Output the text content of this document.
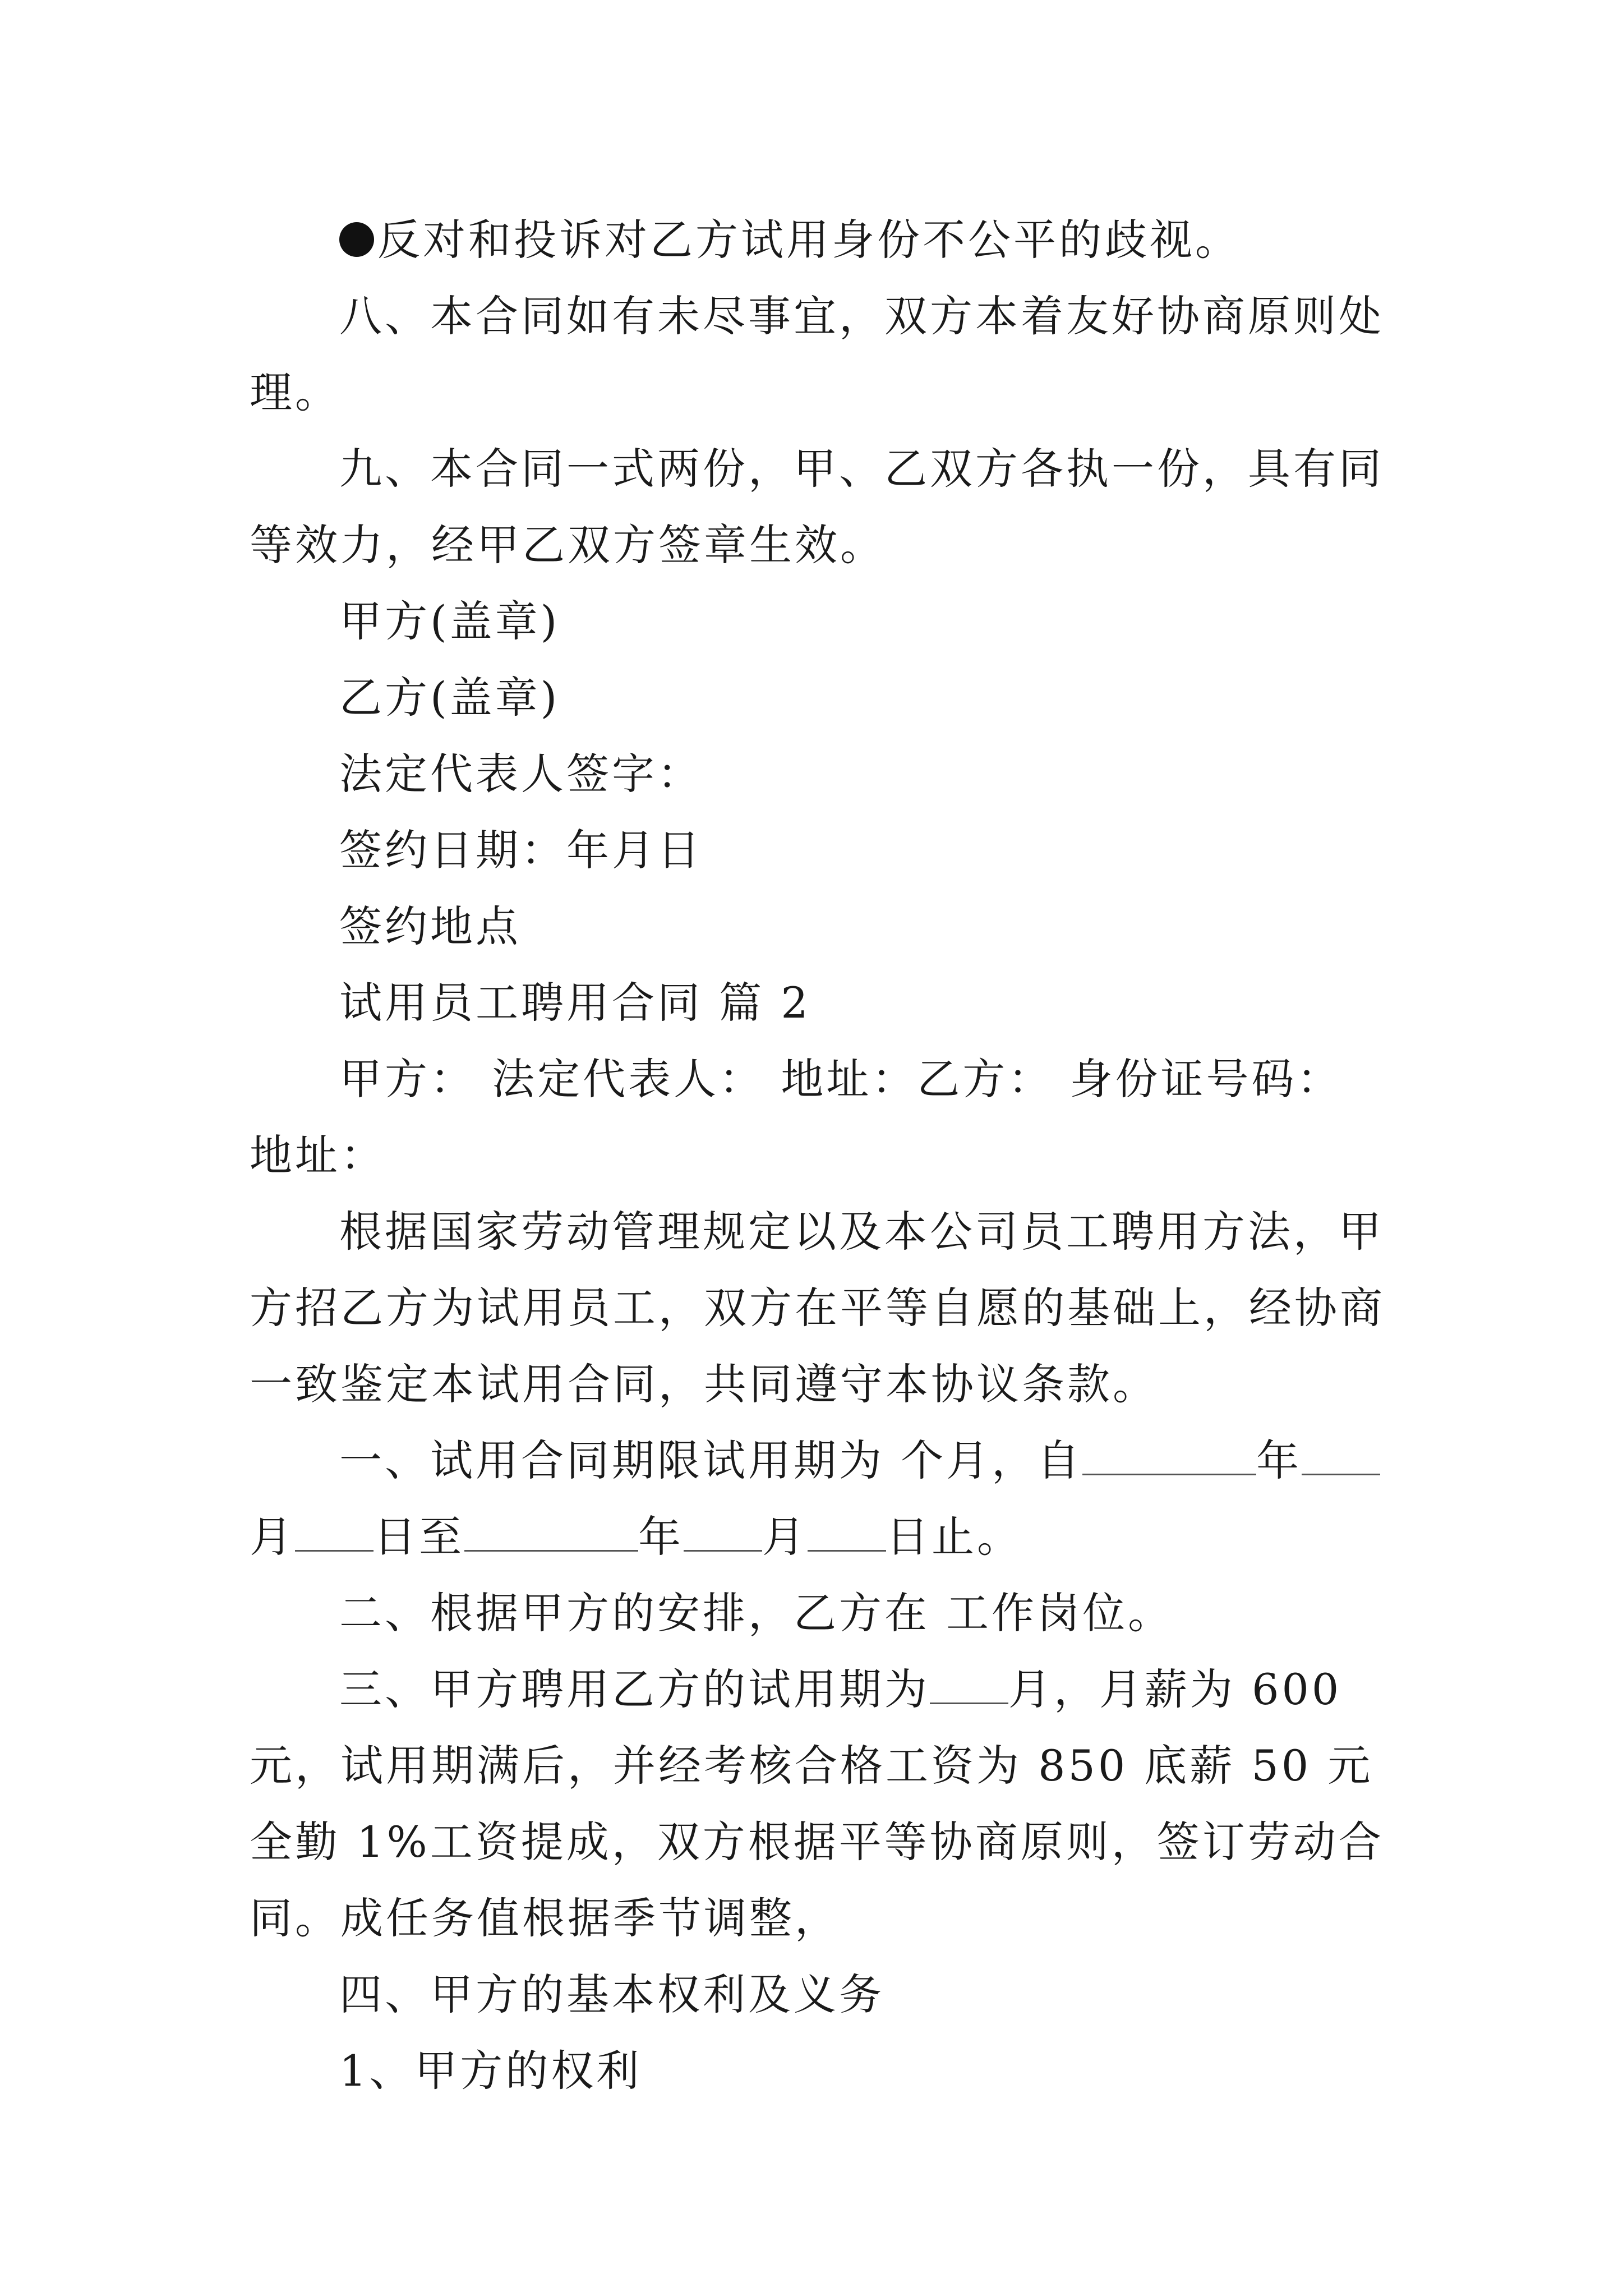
反对和投诉对乙方试用身份不公平的歧视。

八、本合同如有未尽事宜，双方本着友好协商原则处理。

九、本合同一式两份，甲、乙双方各执一份，具有同等效力，经甲乙双方签章生效。

甲方(盖章)

乙方(盖章)

法定代表人签字：

签约日期：年月日

签约地点

试用员工聘用合同 篇 2

甲方： 法定代表人： 地址：乙方： 身份证号码： 地址：

根据国家劳动管理规定以及本公司员工聘用方法，甲方招乙方为试用员工，双方在平等自愿的基础上，经协商一致鉴定本试用合同，共同遵守本协议条款。

一、试用合同期限试用期为 个月，自	年月 日至	年 月 日止。

二、根据甲方的安排，乙方在 工作岗位。

三、甲方聘用乙方的试用期为 月，月薪为 600 元，试用期满后，并经考核合格工资为 850 底薪 50 元全勤 1%工资提成，双方根据平等协商原则，签订劳动合同。成任务值根据季节调整，

四、甲方的基本权利及义务

1、甲方的权利
